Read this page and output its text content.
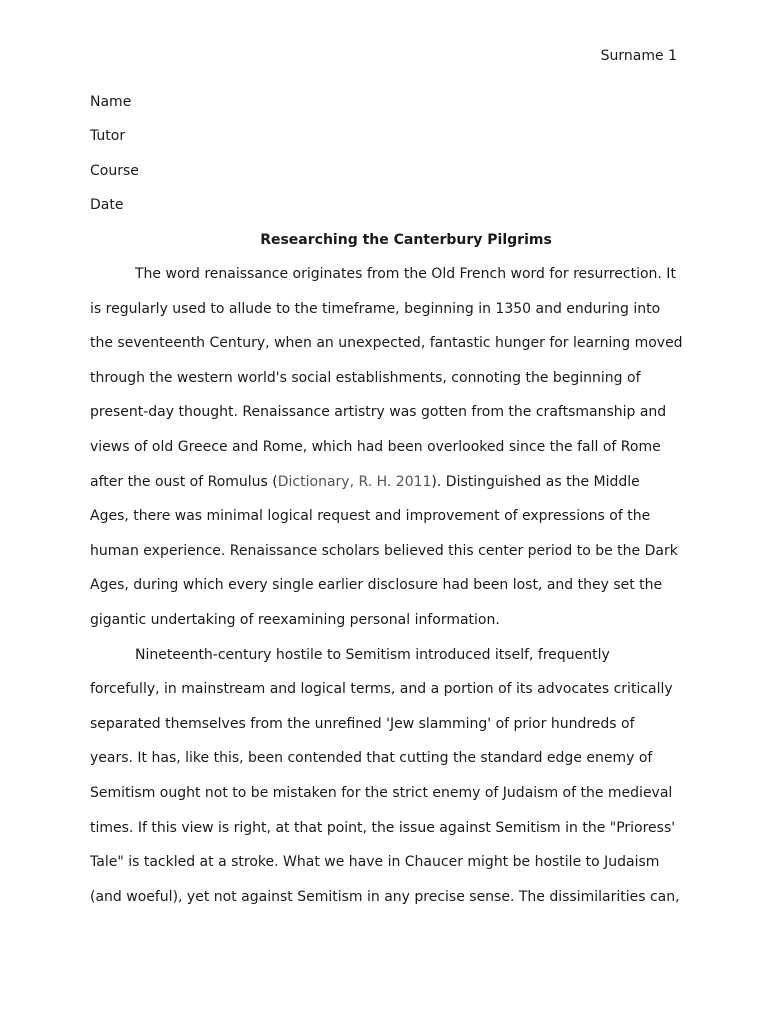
Surname 1
Name
Tutor
Course
Date
Researching the Canterbury Pilgrims
The word renaissance originates from the Old French word for resurrection. It
is regularly used to allude to the timeframe, beginning in 1350 and enduring into
the seventeenth Century, when an unexpected, fantastic hunger for learning moved
through the western world's social establishments, connoting the beginning of
present-day thought. Renaissance artistry was gotten from the craftsmanship and
views of old Greece and Rome, which had been overlooked since the fall of Rome
after the oust of Romulus (Dictionary, R. H. 2011). Distinguished as the Middle
Ages, there was minimal logical request and improvement of expressions of the
human experience. Renaissance scholars believed this center period to be the Dark
Ages, during which every single earlier disclosure had been lost, and they set the
gigantic undertaking of reexamining personal information.
Nineteenth-century hostile to Semitism introduced itself, frequently
forcefully, in mainstream and logical terms, and a portion of its advocates critically
separated themselves from the unrefined 'Jew slamming' of prior hundreds of
years. It has, like this, been contended that cutting the standard edge enemy of
Semitism ought not to be mistaken for the strict enemy of Judaism of the medieval
times. If this view is right, at that point, the issue against Semitism in the "Prioress'
Tale" is tackled at a stroke. What we have in Chaucer might be hostile to Judaism
(and woeful), yet not against Semitism in any precise sense. The dissimilarities can,
